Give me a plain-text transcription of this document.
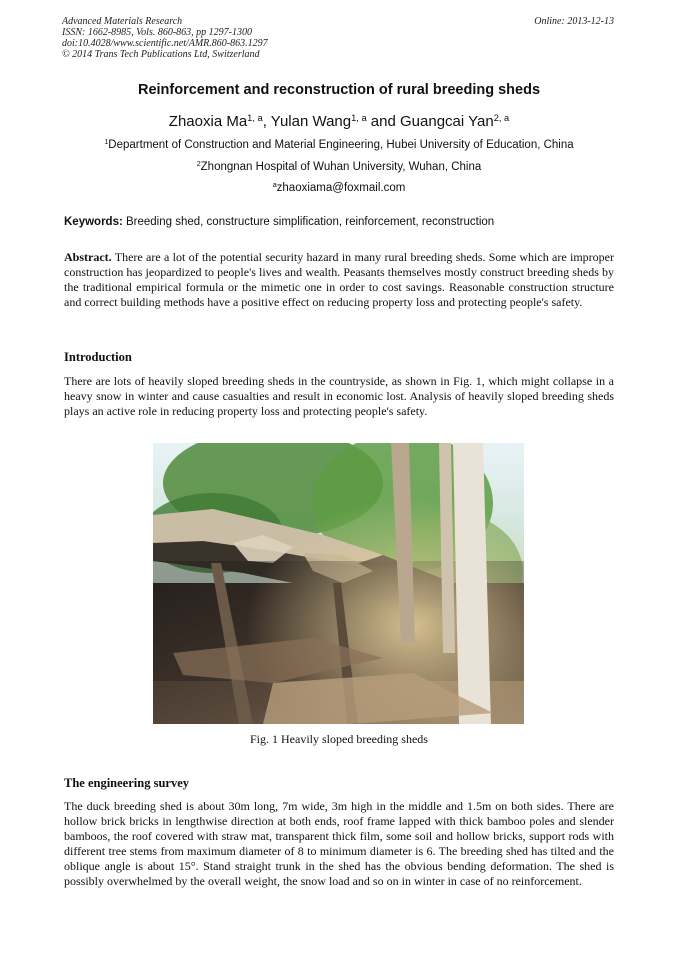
Advanced Materials Research
ISSN: 1662-8985, Vols. 860-863, pp 1297-1300
doi:10.4028/www.scientific.net/AMR.860-863.1297
© 2014 Trans Tech Publications Ltd, Switzerland
Online: 2013-12-13
Reinforcement and reconstruction of rural breeding sheds
Zhaoxia Ma$^{1, a}$, Yulan Wang$^{1, a}$ and Guangcai Yan$^{2, a}$
$^1$Department of Construction and Material Engineering, Hubei University of Education, China
$^2$Zhongnan Hospital of Wuhan University, Wuhan, China
$^a$zhaoxiama@foxmail.com
Keywords: Breeding shed, constructure simplification, reinforcement, reconstruction
Abstract. There are a lot of the potential security hazard in many rural breeding sheds. Some which are improper construction has jeopardized to people's lives and wealth. Peasants themselves mostly construct breeding sheds by the traditional empirical formula or the mimetic one in order to cost savings. Reasonable construction structure and correct building methods have a positive effect on reducing property loss and protecting people's safety.
Introduction
There are lots of heavily sloped breeding sheds in the countryside, as shown in Fig. 1, which might collapse in a heavy snow in winter and cause casualties and result in economic lost. Analysis of heavily sloped breeding sheds plays an active role in reducing property loss and protecting people's safety.
Fig. 1 Heavily sloped breeding sheds
The engineering survey
The duck breeding shed is about 30m long, 7m wide, 3m high in the middle and 1.5m on both sides. There are hollow brick bricks in lengthwise direction at both ends, roof frame lapped with thick bamboo poles and slender bamboos, the roof covered with straw mat, transparent thick film, some soil and hollow bricks, support rods with different tree stems from maximum diameter of 8 to minimum diameter is 6. The breeding shed has tilted and the oblique angle is about 15°. Stand straight trunk in the shed has the obvious bending deformation. The shed is possibly overwhelmed by the overall weight, the snow load and so on in winter in case of no reinforcement.
